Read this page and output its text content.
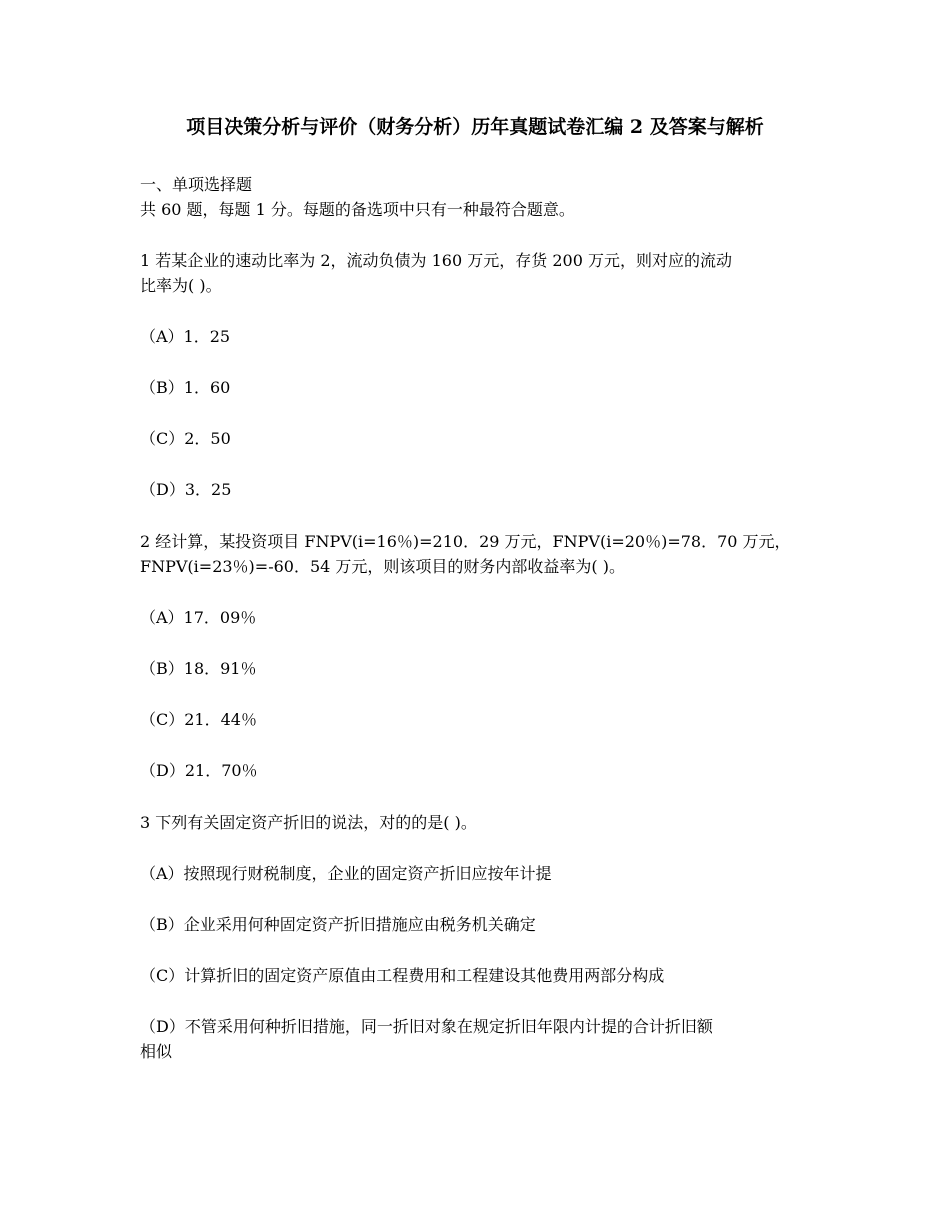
项目决策分析与评价（财务分析）历年真题试卷汇编 2 及答案与解析
一、单项选择题
共 60 题，每题 1 分。每题的备选项中只有一种最符合题意。
1 若某企业的速动比率为 2，流动负债为 160 万元，存货 200 万元，则对应的流动
比率为( )。
（A）1．25
（B）1．60
（C）2．50
（D）3．25
2 经计算，某投资项目 FNPV(i=16％)=210．29 万元，FNPV(i=20％)=78．70 万元，
FNPV(i=23％)=-60．54 万元，则该项目的财务内部收益率为( )。
（A）17．09％
（B）18．91％
（C）21．44％
（D）21．70％
3 下列有关固定资产折旧的说法，对的的是( )。
（A）按照现行财税制度，企业的固定资产折旧应按年计提
（B）企业采用何种固定资产折旧措施应由税务机关确定
（C）计算折旧的固定资产原值由工程费用和工程建设其他费用两部分构成
（D）不管采用何种折旧措施，同一折旧对象在规定折旧年限内计提的合计折旧额
相似
